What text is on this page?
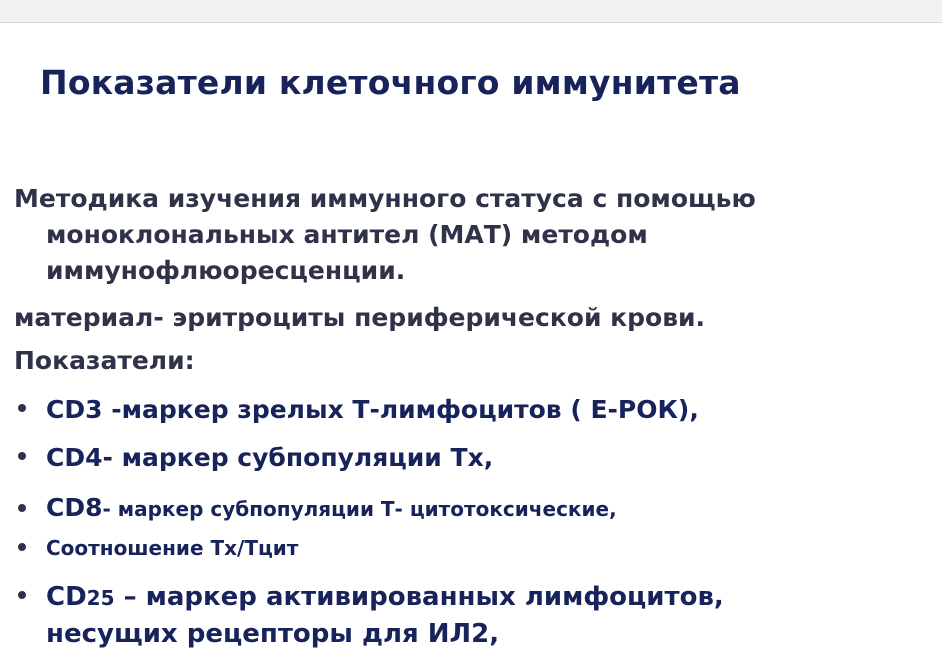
Показатели клеточного иммунитета
Методика изучения иммунного статуса с помощью
моноклональных антител (МАТ) методом
иммунофлюоресценции.
материал- эритроциты периферической крови.
Показатели:
CD3 -маркер зрелых Т-лимфоцитов ( Е-РОК),
CD4- маркер субпопуляции Тх,
CD8- маркер субпопуляции Т- цитотоксические,
Соотношение Тх/Тцит
CD25 – маркер активированных лимфоцитов,
несущих рецепторы для ИЛ2,
